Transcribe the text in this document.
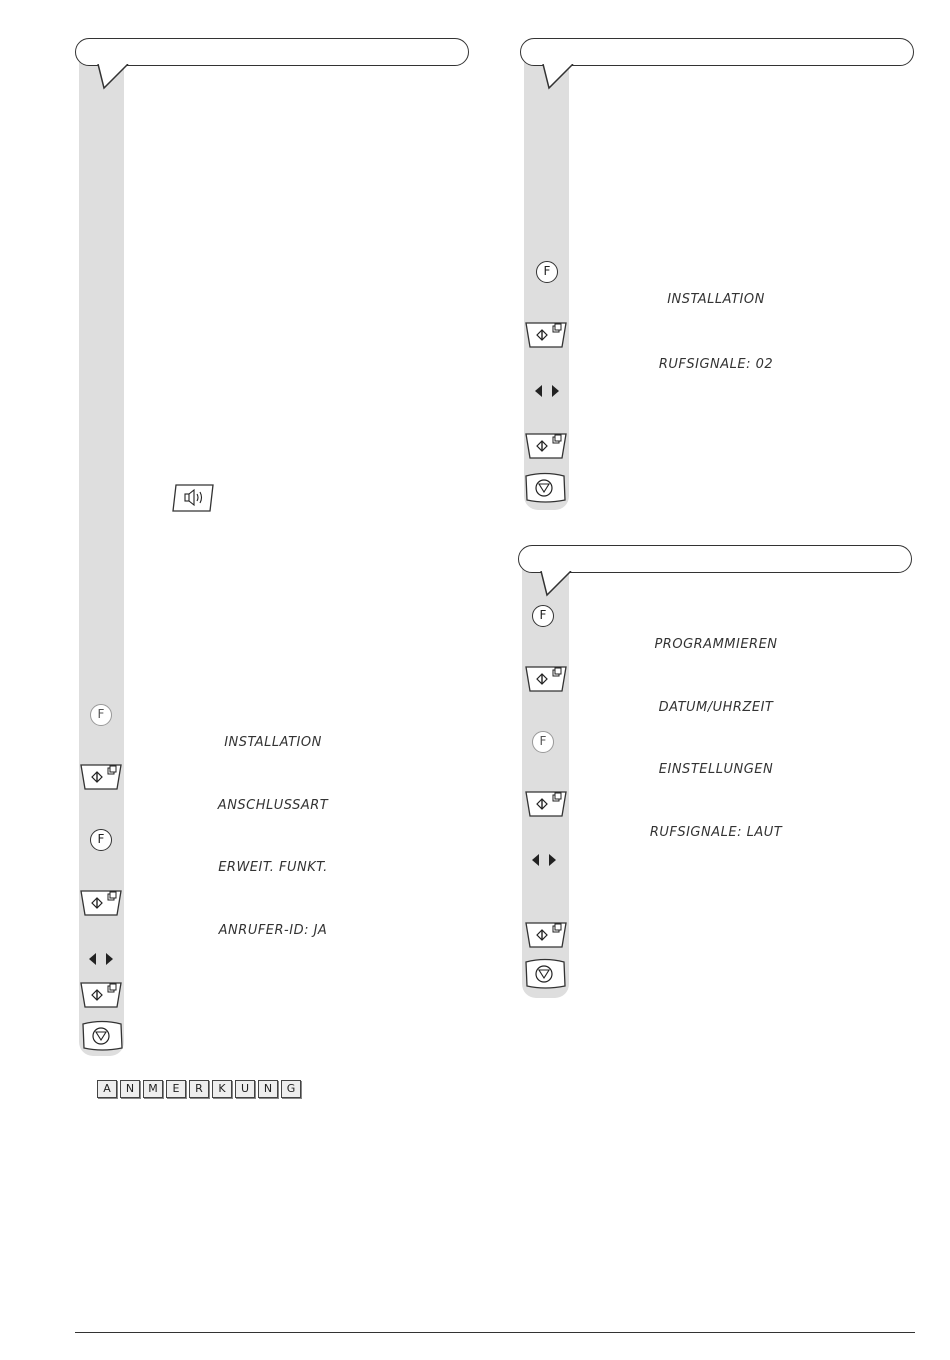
F
INSTALLATION
ANSCHLUSSART
F
ERWEIT. FUNKT.
ANRUFER-ID: JA
F
INSTALLATION
RUFSIGNALE: 02
F
PROGRAMMIEREN
DATUM/UHRZEIT
F
EINSTELLUNGEN
RUFSIGNALE: LAUT
A	N	M	E	R	K	U	N	G
